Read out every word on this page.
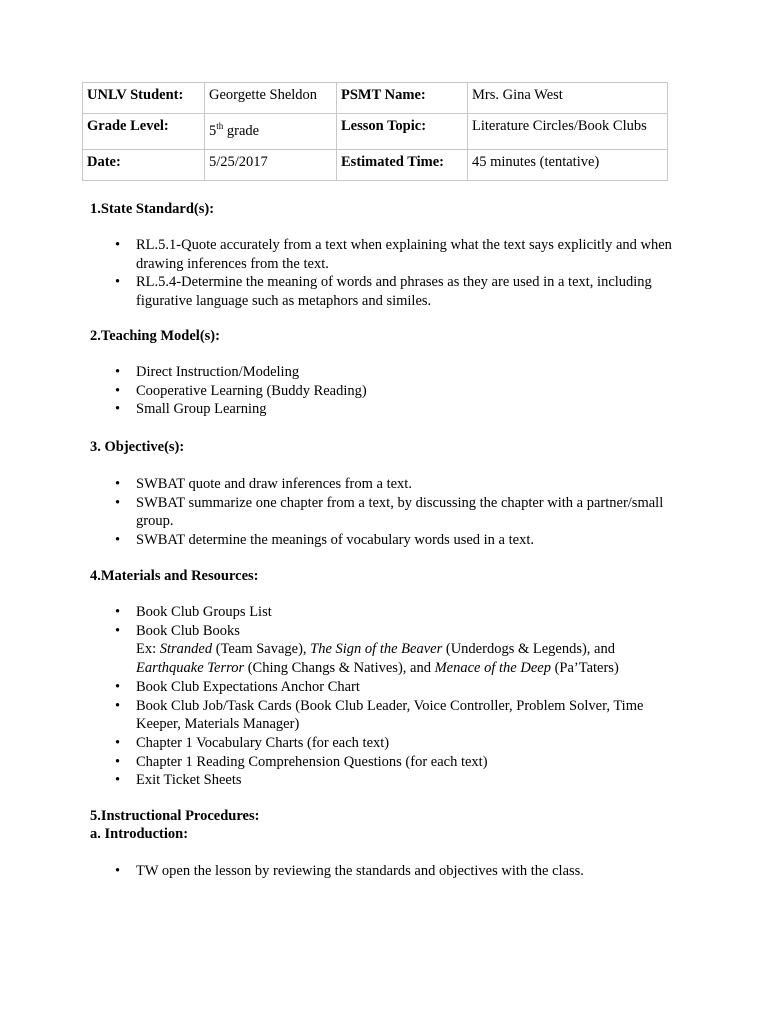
UNLV Student:	Georgette Sheldon	PSMT Name:	Mrs. Gina West
Grade Level:	5th grade	Lesson Topic:	Literature Circles/Book Clubs
Date:	5/25/2017	Estimated Time:	45 minutes (tentative)
1.State Standard(s):
• RL.5.1-Quote accurately from a text when explaining what the text says explicitly and when drawing inferences from the text.
• RL.5.4-Determine the meaning of words and phrases as they are used in a text, including figurative language such as metaphors and similes.
2.Teaching Model(s):
• Direct Instruction/Modeling
• Cooperative Learning (Buddy Reading)
• Small Group Learning
3. Objective(s):
• SWBAT quote and draw inferences from a text.
• SWBAT summarize one chapter from a text, by discussing the chapter with a partner/small group.
• SWBAT determine the meanings of vocabulary words used in a text.
4.Materials and Resources:
• Book Club Groups List
• Book Club Books
Ex: Stranded (Team Savage), The Sign of the Beaver (Underdogs & Legends), and
Earthquake Terror (Ching Changs & Natives), and Menace of the Deep (Pa’Taters)
• Book Club Expectations Anchor Chart
• Book Club Job/Task Cards (Book Club Leader, Voice Controller, Problem Solver, Time Keeper, Materials Manager)
• Chapter 1 Vocabulary Charts (for each text)
• Chapter 1 Reading Comprehension Questions (for each text)
• Exit Ticket Sheets
5.Instructional Procedures:
a. Introduction:
• TW open the lesson by reviewing the standards and objectives with the class.
